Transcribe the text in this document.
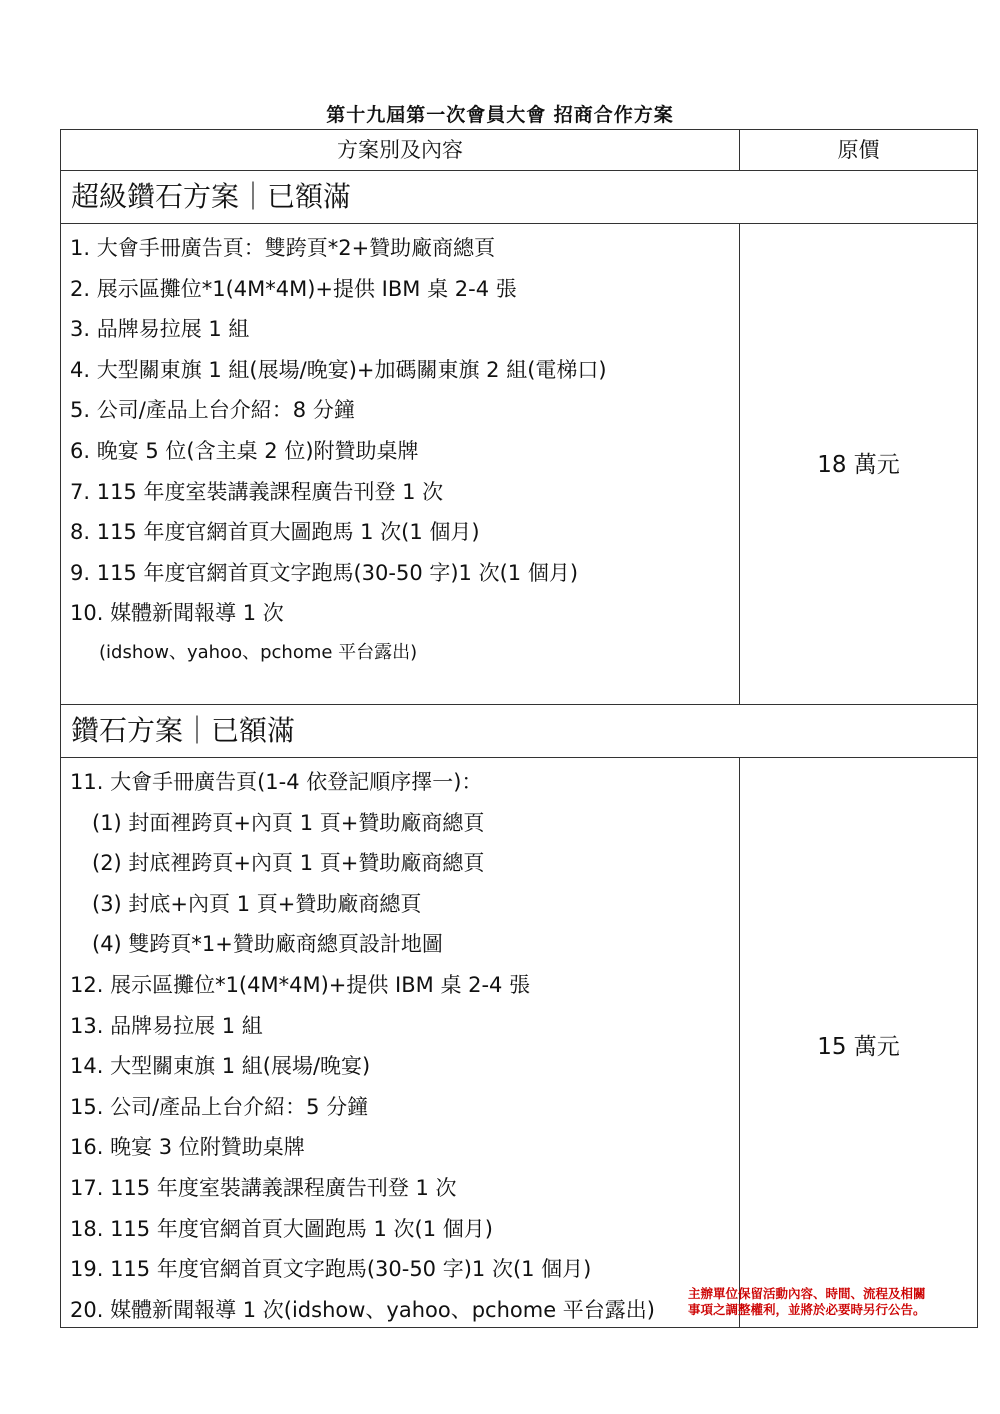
第十九屆第一次會員大會 招商合作方案
方案別及內容	原價
超級鑽石方案｜已額滿
1. 大會手冊廣告頁：雙跨頁*2+贊助廠商總頁
2. 展示區攤位*1(4M*4M)+提供 IBM 桌 2-4 張
3. 品牌易拉展 1 組
4. 大型關東旗 1 組(展場/晚宴)+加碼關東旗 2 組(電梯口)
5. 公司/產品上台介紹：8 分鐘
6. 晚宴 5 位(含主桌 2 位)附贊助桌牌
7. 115 年度室裝講義課程廣告刊登 1 次
8. 115 年度官網首頁大圖跑馬 1 次(1 個月)
9. 115 年度官網首頁文字跑馬(30-50 字)1 次(1 個月)
10. 媒體新聞報導 1 次
(idshow、yahoo、pchome 平台露出)
18 萬元
鑽石方案｜已額滿
11. 大會手冊廣告頁(1-4 依登記順序擇一)：
(1) 封面裡跨頁+內頁 1 頁+贊助廠商總頁
(2) 封底裡跨頁+內頁 1 頁+贊助廠商總頁
(3) 封底+內頁 1 頁+贊助廠商總頁
(4) 雙跨頁*1+贊助廠商總頁設計地圖
12. 展示區攤位*1(4M*4M)+提供 IBM 桌 2-4 張
13. 品牌易拉展 1 組
14. 大型關東旗 1 組(展場/晚宴)
15. 公司/產品上台介紹：5 分鐘
16. 晚宴 3 位附贊助桌牌
17. 115 年度室裝講義課程廣告刊登 1 次
18. 115 年度官網首頁大圖跑馬 1 次(1 個月)
19. 115 年度官網首頁文字跑馬(30-50 字)1 次(1 個月)
20. 媒體新聞報導 1 次(idshow、yahoo、pchome 平台露出)
15 萬元
主辦單位保留活動內容、時間、流程及相關
事項之調整權利，並將於必要時另行公告。
